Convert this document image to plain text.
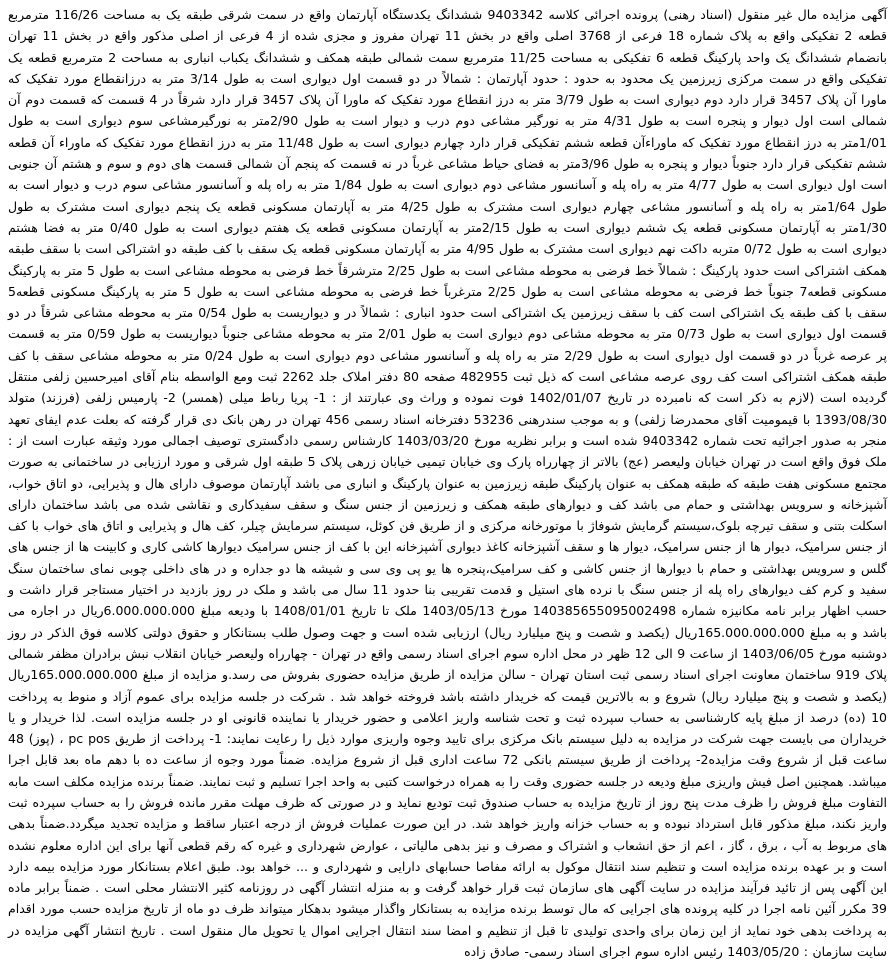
آگهی مزایده مال غیر منقول (اسناد رهنی) پرونده اجرائی کلاسه 9403342 ششدانگ یکدستگاه آپارتمان واقع در سمت شرقی طبقه یک به مساحت 116/26 مترمربع قطعه 2 تفکیکی واقع به پلاک شماره 18 فرعی از 3768 اصلی واقع در بخش 11 تهران مفروز و مجزی شده از 4 فرعی از اصلی مذکور واقع در بخش 11 تهران بانضمام ششدانگ یک واحد پارکینگ قطعه 6 تفکیکی به مساحت 11/25 مترمربع سمت شمالی طبقه همکف و ششدانگ یکباب انباری به مساحت 2 مترمربع قطعه یک تفکیکی واقع در سمت مرکزی زیرزمین یک محدود به حدود : حدود آپارتمان : شمالاً در دو قسمت اول دیواری است به طول 3/14 متر به درزانقطاع مورد تفکیک که ماورا آن پلاک 3457 قرار دارد دوم دیواری است به طول 3/79 متر به درز انقطاع مورد تفکیک که ماورا آن پلاک 3457 قرار دارد شرقاً در 4 قسمت که قسمت دوم آن شمالی است اول دیوار و پنجره است به طول 4/31 متر به نورگیر مشاعی دوم درب و دیوار است به طول 2/90متر به نورگیرمشاعی سوم دیواری است به طول 1/01متر به درز انقطاع مورد تفکیک که ماوراءآن قطعه ششم تفکیکی قرار دارد چهارم دیواری است به طول 11/48 متر به درز انقطاع مورد تفکیک که ماوراء آن قطعه ششم تفکیکی قرار دارد جنوباً دیوار و پنجره به طول 3/96متر به فضای حیاط مشاعی غرباً در نه قسمت که پنجم آن شمالی قسمت های دوم و سوم و هشتم آن جنوبی است اول دیواری است به طول 4/77 متر به راه پله و آسانسور مشاعی دوم دیواری است به طول 1/84 متر به راه پله و آسانسور مشاعی سوم درب و دیوار است به طول 1/64متر به راه پله و آسانسور مشاعی چهارم دیواری است مشترک به طول 4/25 متر به آپارتمان مسکونی قطعه یک پنجم دیواری است مشترک به طول 1/30متر به آپارتمان مسکونی قطعه یک ششم دیواری است به طول 2/15متر به آپارتمان مسکونی قطعه یک هفتم دیواری است به طول 0/40 متر به فضا هشتم دیواری است به طول 0/72 متربه داکت نهم دیواری است مشترک به طول 4/95 متر به آپارتمان مسکونی قطعه یک سقف با کف طبقه دو اشتراکی است با سقف طبقه همکف اشتراکی است حدود پارکینگ : شمالاً خط فرضی به محوطه مشاعی است به طول 2/25 مترشرقاً خط فرضی به محوطه مشاعی است به طول 5 متر به پارکینگ مسکونی قطعه7 جنوباً خط فرضی به محوطه مشاعی است به طول 2/25 مترغرباً خط فرضی به محوطه مشاعی است به طول 5 متر به پارکینگ مسکونی قطعه5 سقف با کف طبقه یک اشتراکی است کف با سقف زیرزمین یک اشتراکی است حدود انباری : شمالاً در و دیواریست به طول 0/54 متر به محوطه مشاعی شرقاً در دو قسمت اول دیواری است به طول 0/73 متر به محوطه مشاعی دوم دیواری است به طول 2/01 متر به محوطه مشاعی جنوباً دیواریست به طول 0/59 متر به قسمت پر عرصه غرباً در دو قسمت اول دیواری است به طول 2/29 متر به راه پله و آسانسور مشاعی دوم دیواری است به طول 0/24 متر به محوطه مشاعی سقف با کف طبقه همکف اشتراکی است کف روی عرصه مشاعی است که ذیل ثبت 482955 صفحه 80 دفتر املاک جلد 2262 ثبت ومع الواسطه بنام آقای امیرحسین زلفی منتقل گردیده است (لازم به ذکر است که نامبرده در تاریخ 1402/01/07 فوت نموده و وراث وی عبارتند از : 1- پریا رباط میلی (همسر) 2- پارمیس زلفی (فرزند) متولد 1393/08/30 با قیمومیت آقای محمدرضا زلفی) و به موجب سندرهنی 53236 دفترخانه اسناد رسمی 456 تهران در رهن بانک دی قرار گرفته که بعلت عدم ایفای تعهد منجر به صدور اجرائیه تحت شماره 9403342 شده است و برابر نظریه مورخ 1403/03/20 کارشناس رسمی دادگستری توصیف اجمالی مورد وثیقه عبارت است از : ملک فوق واقع است در تهران خیابان ولیعصر (عج) بالاتر از چهارراه پارک وی خیابان تیمیی خیابان زرهی پلاک 5 طبقه اول شرقی و مورد ارزیابی در ساختمانی به صورت مجتمع مسکونی هفت طبقه که طبقه همکف به عنوان پارکینگ طبقه زیرزمین به عنوان پارکینگ و انباری می باشد آپارتمان موصوف دارای هال و پذیرایی، دو اتاق خواب، آشپزخانه و سرویس بهداشتی و حمام می باشد کف و دیوارهای طبقه همکف و زیرزمین از جنس سنگ و سقف سفیدکاری و نقاشی شده می باشد ساختمان دارای اسکلت بتنی و سقف تیرچه بلوک،سیستم گرمایش شوفاژ با موتورخانه مرکزی و از طریق فن کوئل، سیستم سرمایش چیلر، کف هال و پذیرایی و اتاق های خواب با کف از جنس سرامیک، دیوار ها از جنس سرامیک، دیوار ها و سقف آشپزخانه کاغذ دیواری آشپزخانه این با کف از جنس سرامیک دیوارها کاشی کاری و کابینت ها از جنس های گلس و سرویس بهداشتی و حمام با دیوارها از جنس کاشی و کف سرامیک،پنجره ها یو پی وی سی و شیشه ها دو جداره و در های داخلی چوبی نمای ساختمان سنگ سفید و کرم کف دیوارهای راه پله از جنس سنگ با نرده های استیل و قدمت تقریبی بنا حدود 11 سال می باشد و ملک در روز بازدید در اختیار مستاجر قرار داشت و حسب اظهار برابر نامه مکانیزه شماره 140385655095002498 مورخ 1403/05/13 ملک تا تاریخ 1408/01/01 با ودیعه مبلغ 6.000.000.000ریال در اجاره می باشد و به مبلغ 165.000.000.000ریال (یکصد و شصت و پنج میلیارد ریال) ارزیابی شده است و جهت وصول طلب بستانکار و حقوق دولتی کلاسه فوق الذکر در روز دوشنبه مورخ 1403/06/05 از ساعت 9 الی 12 ظهر در محل اداره سوم اجرای اسناد رسمی واقع در تهران - چهارراه ولیعصر خیابان انقلاب نبش برادران مظفر شمالی پلاک 919 ساختمان معاونت اجرای اسناد رسمی ثبت استان تهران - سالن مزایده از طریق مزایده حضوری بفروش می رسد.و مزایده از مبلغ 165.000.000.000ریال (یکصد و شصت و پنج میلیارد ریال) شروع و به بالاترین قیمت که خریدار داشته باشد فروخته خواهد شد . شرکت در جلسه مزایده برای عموم آزاد و منوط به پرداخت 10 (ده) درصد از مبلغ پایه کارشناسی به حساب سپرده ثبت و تحت شناسه واریز اعلامی و حضور خریدار یا نماینده قانونی او در جلسه مزایده است. لذا خریدار و یا خریداران می بایست جهت شرکت در مزایده به دلیل سیستم بانک مرکزی برای تایید وجوه واریزی موارد ذیل را رعایت نمایند: 1- پرداخت از طریق pc pos ، (پوز) 48 ساعت قبل از شروع وقت مزایده2- پرداخت از طریق سیستم بانکی 72 ساعت اداری قبل از شروع مزایده. ضمناً مورد وجوه از ساعت ده با دهم ماه بعد قابل اجرا میباشد. همچنین اصل فیش واریزی مبلغ ودیعه در جلسه حضوری وقت را به همراه درخواست کتبی به واحد اجرا تسلیم و ثبت نمایند. ضمناً برنده مزایده مکلف است مابه التفاوت مبلغ فروش را ظرف مدت پنج روز از تاریخ مزایده به حساب صندوق ثبت تودیع نماید و در صورتی که ظرف مهلت مقرر مانده فروش را به حساب سپرده ثبت واریز نکند، مبلغ مذکور قابل استرداد نبوده و به حساب خزانه واریز خواهد شد. در این صورت عملیات فروش از درجه اعتبار ساقط و مزایده تجدید میگردد.ضمناً بدهی های مربوط به آب ، برق ، گاز ، اعم از حق انشعاب و اشتراک و مصرف و نیز بدهی مالیاتی ، عوارض شهرداری و غیره که رقم قطعی آنها برای این اداره معلوم نشده است و بر عهده برنده مزایده است و تنظیم سند انتقال موکول به ارائه مفاصا حسابهای دارایی و شهرداری و ... خواهد بود. طبق اعلام بستانکار مورد مزایده بیمه دارد این آگهی پس از تائید فرآیند مزایده در سایت آگهی های سازمان ثبت قرار خواهد گرفت و به منزله انتشار آگهی در روزنامه کثیر الانتشار محلی است . ضمناً برابر ماده 39 مکرر آئین نامه اجرا در کلیه پرونده های اجرایی که مال توسط برنده مزایده به بستانکار واگذار میشود بدهکار میتواند ظرف دو ماه از تاریخ مزایده حسب مورد اقدام به پرداخت بدهی خود نماید از این زمان برای واحدی تولیدی تا قبل از تنظیم و امضا سند انتقال اجرایی اموال یا تحویل مال منقول است . تاریخ انتشار آگهی مزایده در سایت سازمان : 1403/05/20 رئیس اداره سوم اجرای اسناد رسمی- صادق زاده
